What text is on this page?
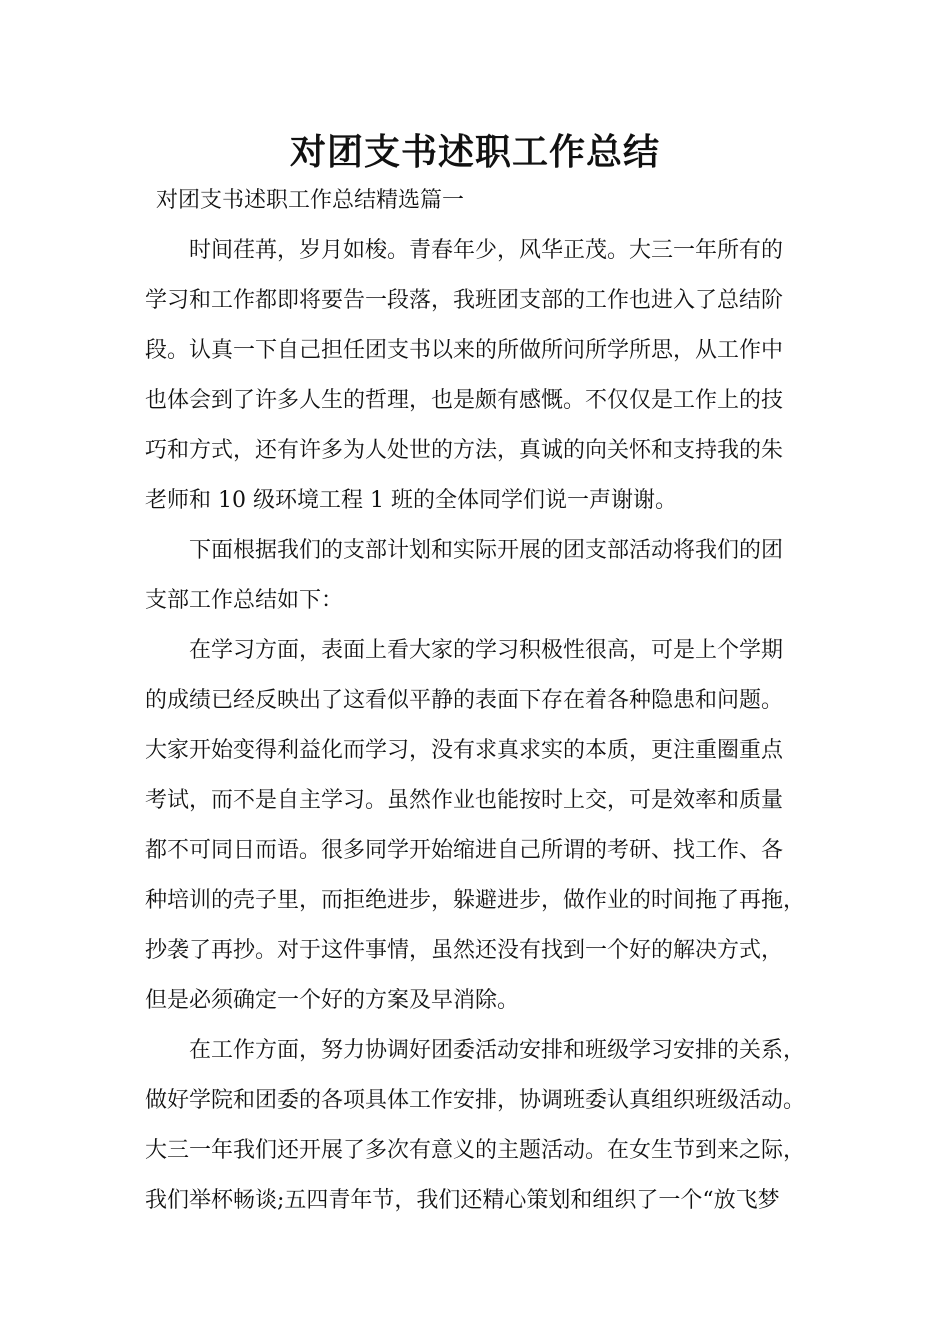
对团支书述职工作总结

对团支书述职工作总结精选篇一

时间荏苒，岁月如梭。青春年少，风华正茂。大三一年所有的
学习和工作都即将要告一段落，我班团支部的工作也进入了总结阶
段。认真一下自己担任团支书以来的所做所问所学所思，从工作中
也体会到了许多人生的哲理，也是颇有感慨。不仅仅是工作上的技
巧和方式，还有许多为人处世的方法，真诚的向关怀和支持我的朱
老师和 10 级环境工程 1 班的全体同学们说一声谢谢。
下面根据我们的支部计划和实际开展的团支部活动将我们的团
支部工作总结如下：
在学习方面，表面上看大家的学习积极性很高，可是上个学期
的成绩已经反映出了这看似平静的表面下存在着各种隐患和问题。
大家开始变得利益化而学习，没有求真求实的本质，更注重圈重点
考试，而不是自主学习。虽然作业也能按时上交，可是效率和质量
都不可同日而语。很多同学开始缩进自己所谓的考研、找工作、各
种培训的壳子里，而拒绝进步，躲避进步，做作业的时间拖了再拖，
抄袭了再抄。对于这件事情，虽然还没有找到一个好的解决方式，
但是必须确定一个好的方案及早消除。
在工作方面，努力协调好团委活动安排和班级学习安排的关系，
做好学院和团委的各项具体工作安排，协调班委认真组织班级活动。
大三一年我们还开展了多次有意义的主题活动。在女生节到来之际，
我们举杯畅谈;五四青年节，我们还精心策划和组织了一个“放飞梦
